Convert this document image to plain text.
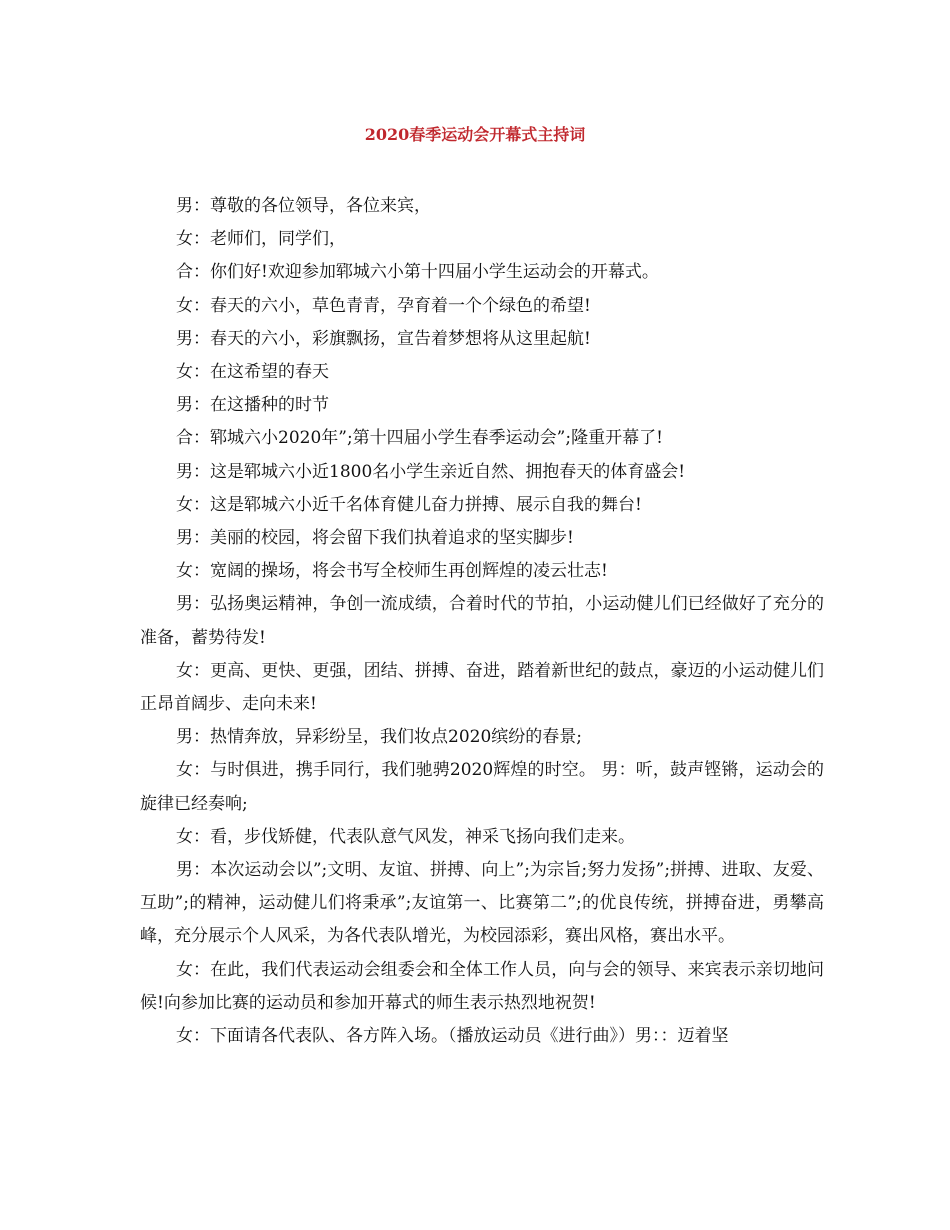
2020春季运动会开幕式主持词

男：尊敬的各位领导，各位来宾，

女：老师们，同学们，

合：你们好!欢迎参加郓城六小第十四届小学生运动会的开幕式。

女：春天的六小，草色青青，孕育着一个个绿色的希望!

男：春天的六小，彩旗飘扬，宣告着梦想将从这里起航!

女：在这希望的春天

男：在这播种的时节

合：郓城六小2020年”;第十四届小学生春季运动会”;隆重开幕了!

男：这是郓城六小近1800名小学生亲近自然、拥抱春天的体育盛会!

女：这是郓城六小近千名体育健儿奋力拼搏、展示自我的舞台!

男：美丽的校园，将会留下我们执着追求的坚实脚步!

女：宽阔的操场，将会书写全校师生再创辉煌的凌云壮志!

男：弘扬奥运精神，争创一流成绩，合着时代的节拍，小运动健儿们已经做好了充分的准备，蓄势待发!

女：更高、更快、更强，团结、拼搏、奋进，踏着新世纪的鼓点，豪迈的小运动健儿们正昂首阔步、走向未来!

男：热情奔放，异彩纷呈，我们妆点2020缤纷的春景;

女：与时俱进，携手同行，我们驰骋2020辉煌的时空。 男：听，鼓声铿锵，运动会的旋律已经奏响;

女：看，步伐矫健，代表队意气风发，神采飞扬向我们走来。

男：本次运动会以”;文明、友谊、拼搏、向上”;为宗旨;努力发扬”;拼搏、进取、友爱、互助”;的精神，运动健儿们将秉承”;友谊第一、比赛第二”;的优良传统，拼搏奋进，勇攀高峰，充分展示个人风采，为各代表队增光，为校园添彩，赛出风格，赛出水平。

女：在此，我们代表运动会组委会和全体工作人员，向与会的领导、来宾表示亲切地问候!向参加比赛的运动员和参加开幕式的师生表示热烈地祝贺!

女：下面请各代表队、各方阵入场。（播放运动员《进行曲》）男：：迈着坚
